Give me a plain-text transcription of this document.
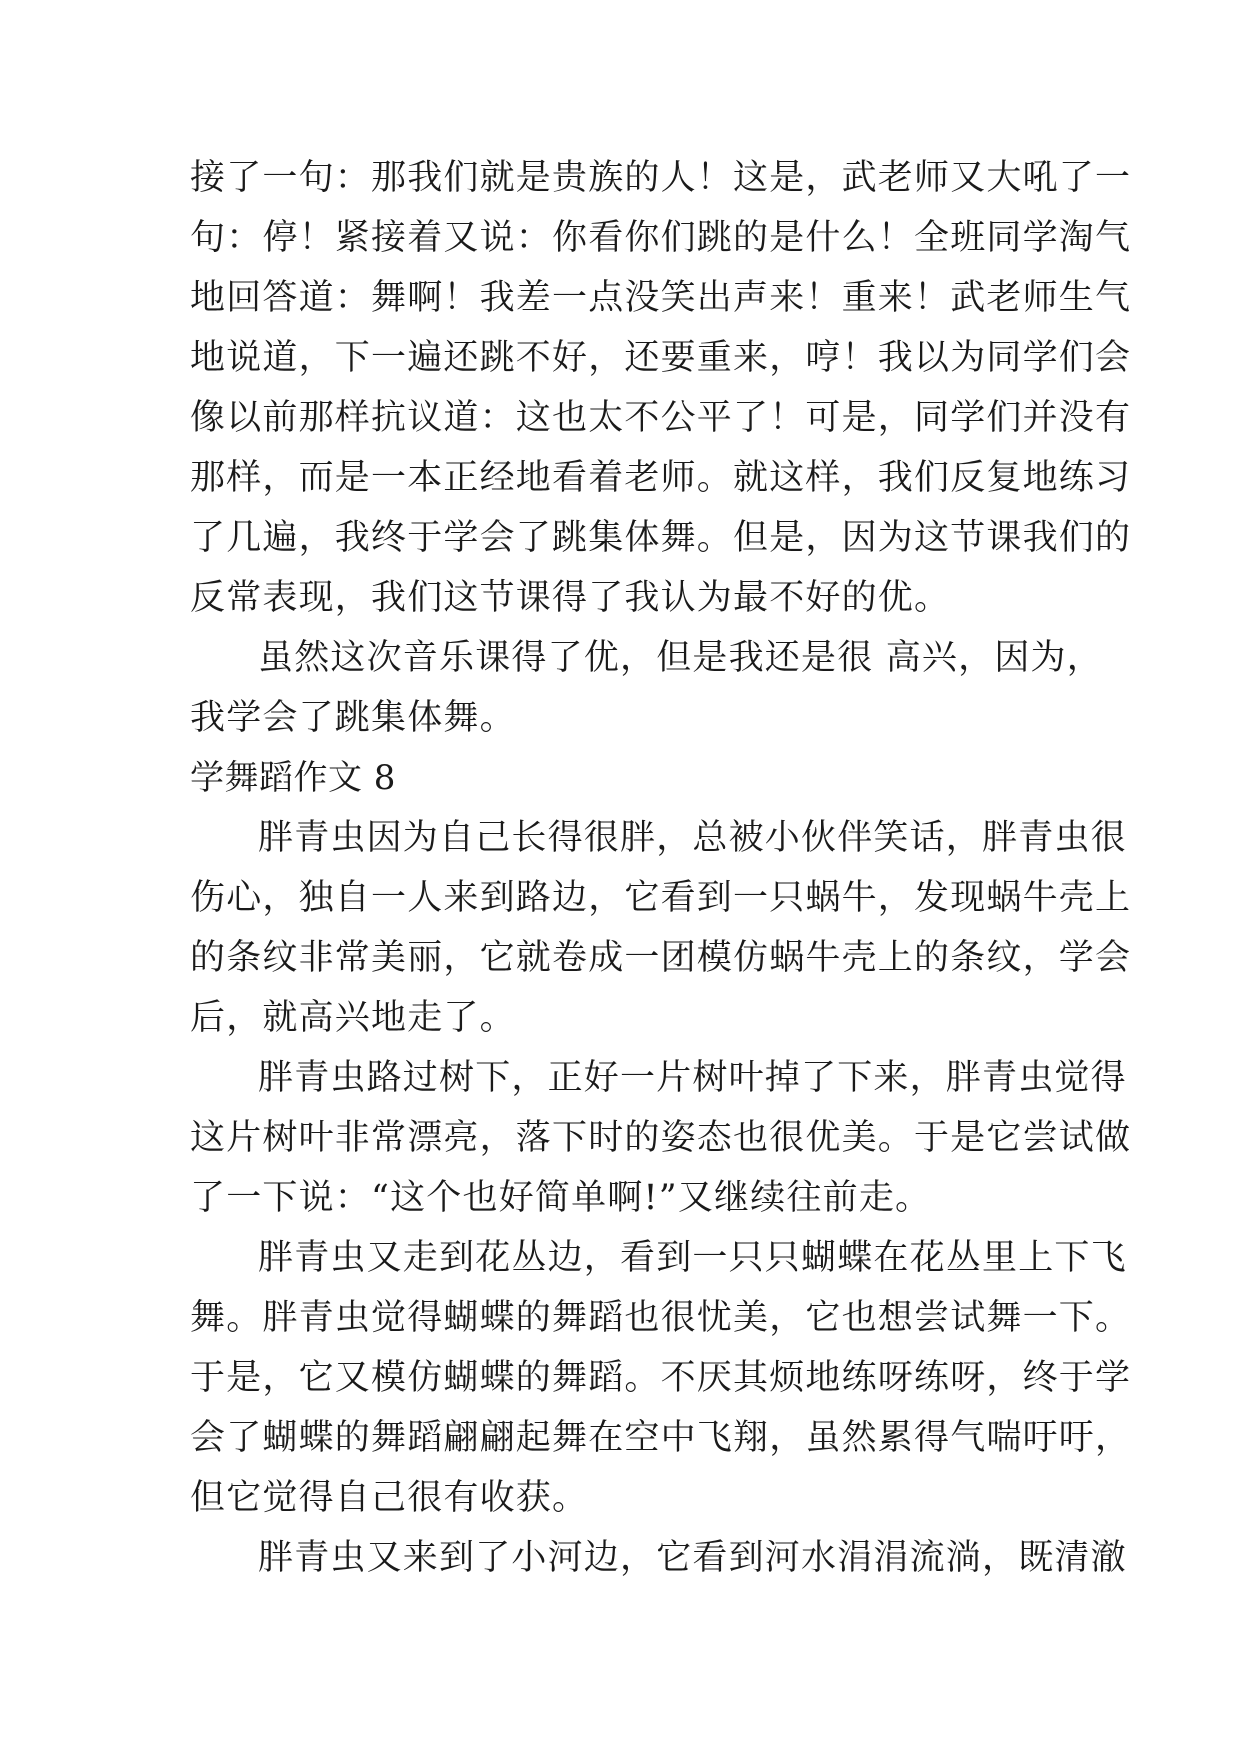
接了一句：那我们就是贵族的人！这是，武老师又大吼了一
句：停！紧接着又说：你看你们跳的是什么！全班同学淘气
地回答道：舞啊！我差一点没笑出声来！重来！武老师生气
地说道，下一遍还跳不好，还要重来，哼！我以为同学们会
像以前那样抗议道：这也太不公平了！可是，同学们并没有
那样，而是一本正经地看着老师。就这样，我们反复地练习
了几遍，我终于学会了跳集体舞。但是，因为这节课我们的
反常表现，我们这节课得了我认为最不好的优。
虽然这次音乐课得了优，但是我还是很 高兴，因为，
我学会了跳集体舞。
学舞蹈作文 8
胖青虫因为自己长得很胖，总被小伙伴笑话，胖青虫很
伤心，独自一人来到路边，它看到一只蜗牛，发现蜗牛壳上
的条纹非常美丽，它就卷成一团模仿蜗牛壳上的条纹，学会
后，就高兴地走了。
胖青虫路过树下，正好一片树叶掉了下来，胖青虫觉得
这片树叶非常漂亮，落下时的姿态也很优美。于是它尝试做
了一下说：“这个也好简单啊!”又继续往前走。
胖青虫又走到花丛边，看到一只只蝴蝶在花丛里上下飞
舞。胖青虫觉得蝴蝶的舞蹈也很忧美，它也想尝试舞一下。
于是，它又模仿蝴蝶的舞蹈。不厌其烦地练呀练呀，终于学
会了蝴蝶的舞蹈翩翩起舞在空中飞翔，虽然累得气喘吁吁，
但它觉得自己很有收获。
胖青虫又来到了小河边，它看到河水涓涓流淌，既清澈
